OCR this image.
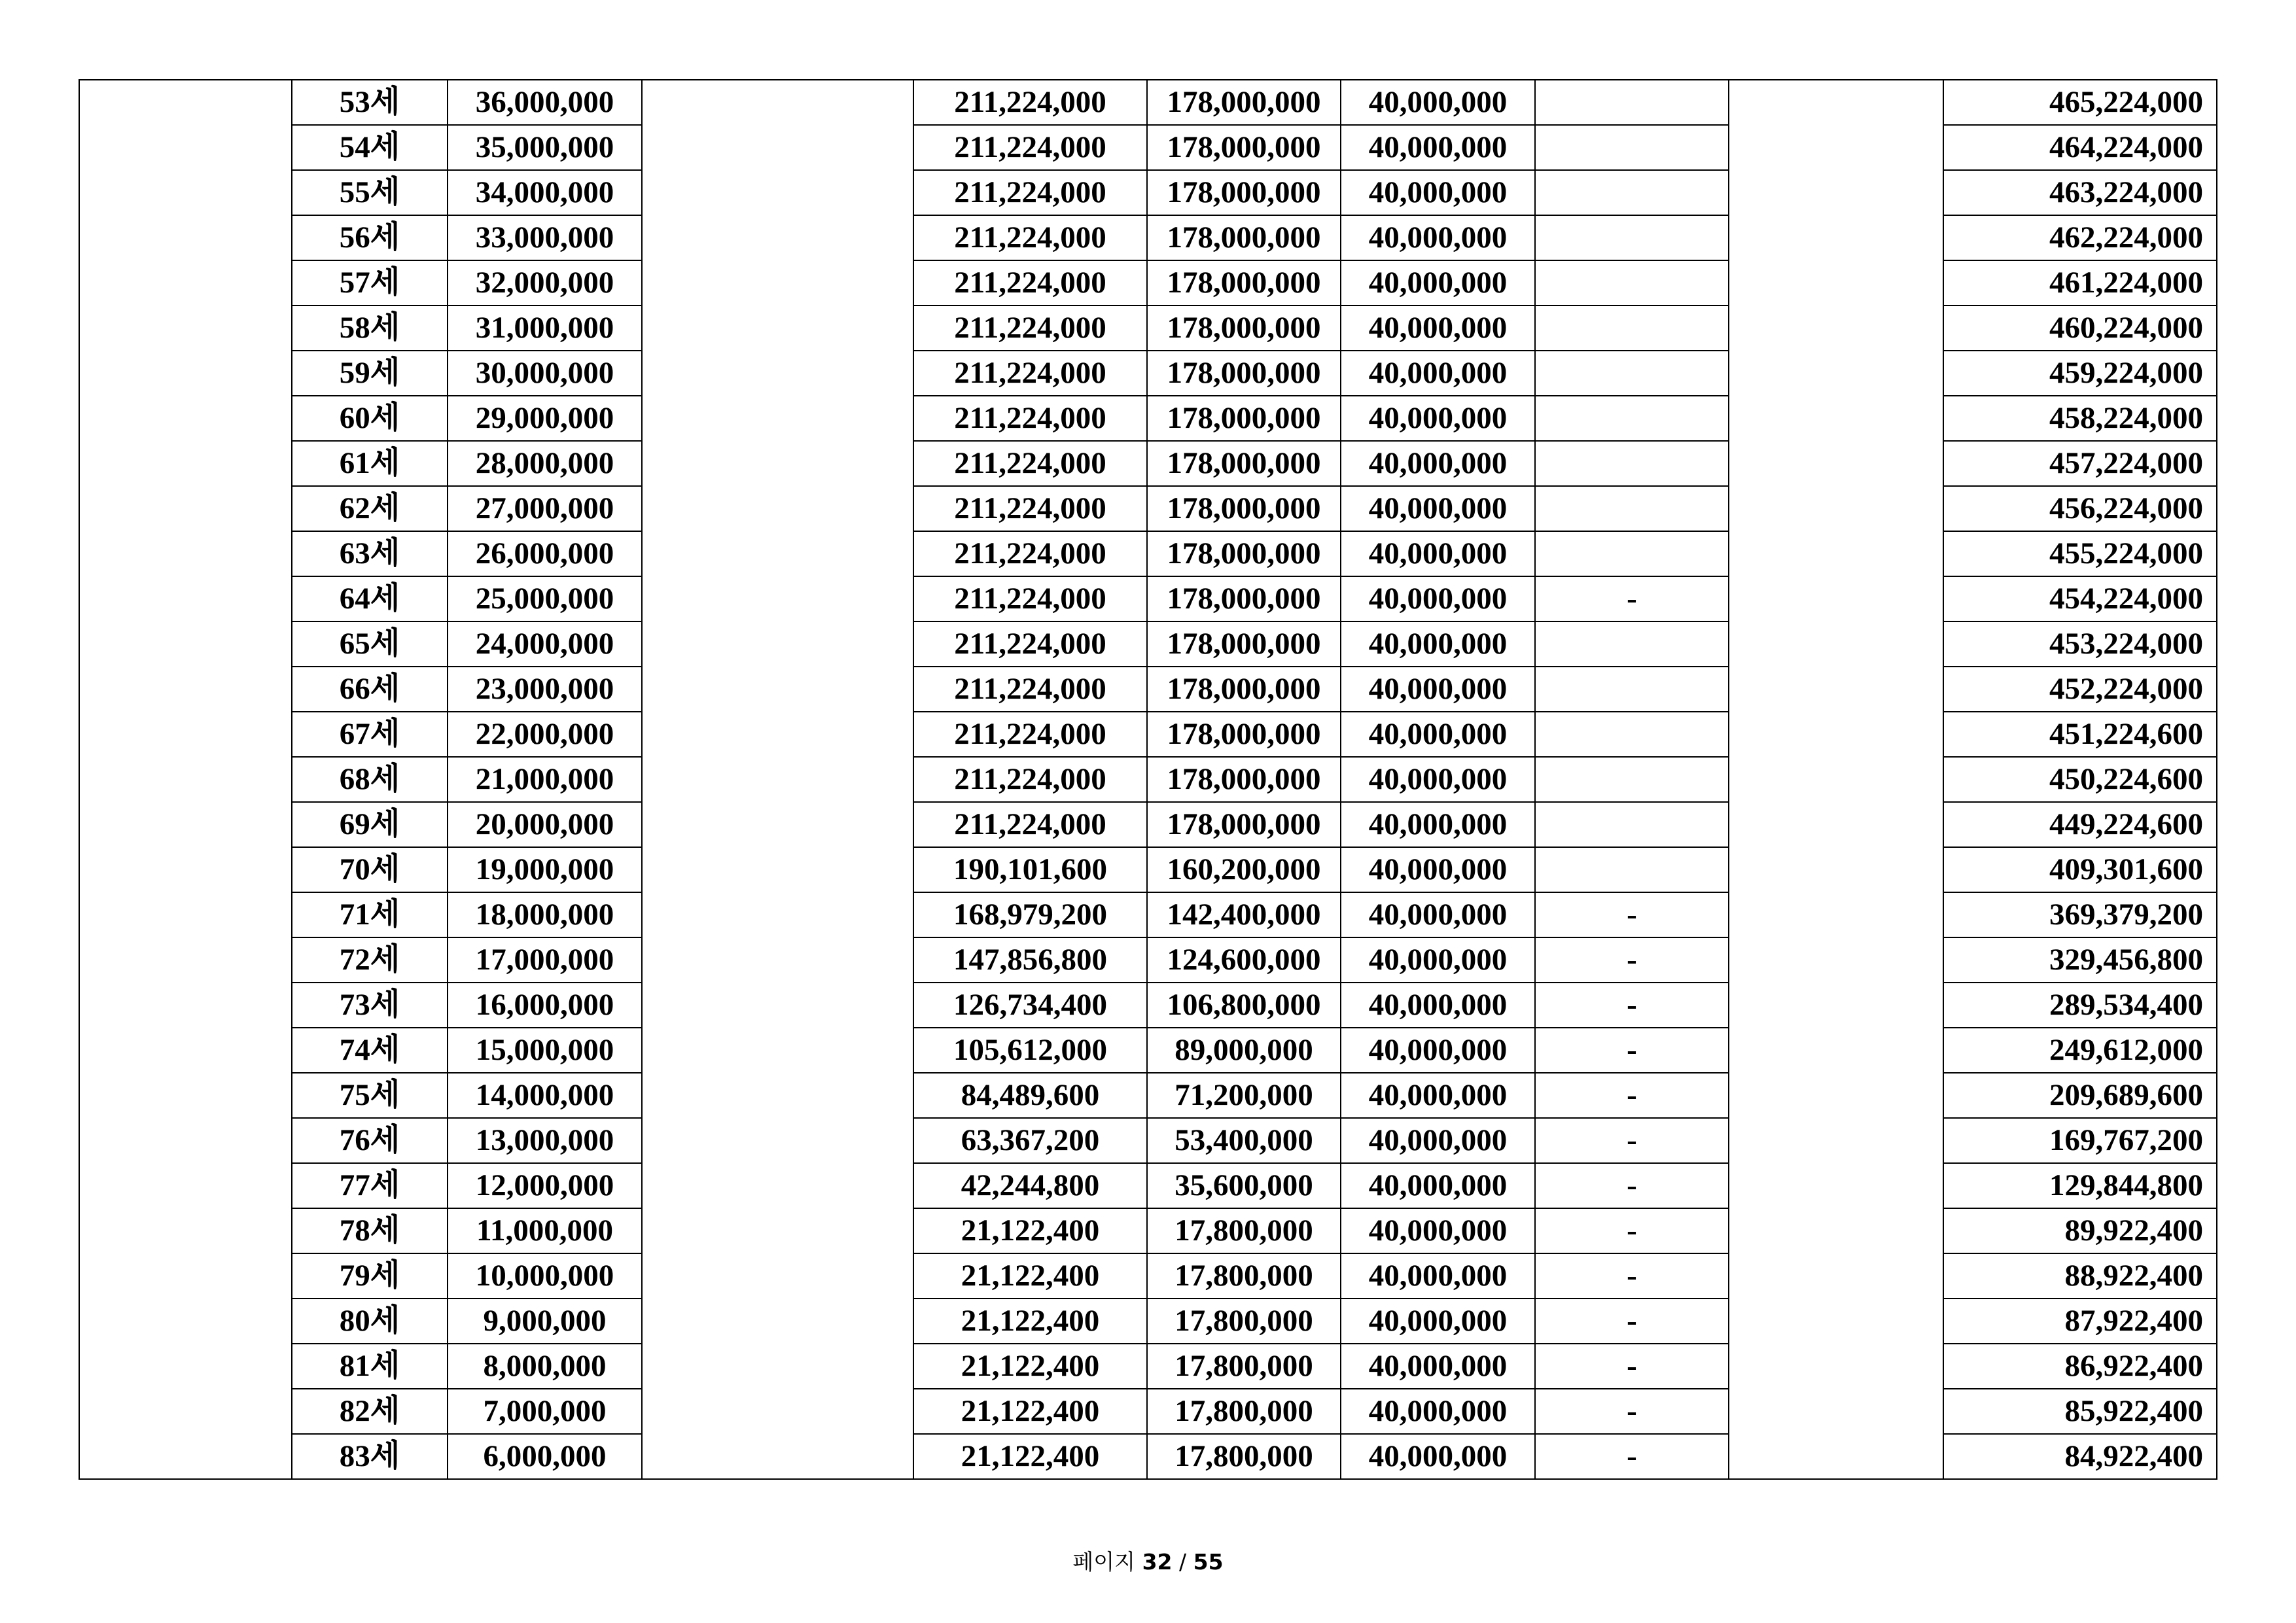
	53세	36,000,000		211,224,000	178,000,000	40,000,000			465,224,000
	54세	35,000,000		211,224,000	178,000,000	40,000,000			464,224,000
	55세	34,000,000		211,224,000	178,000,000	40,000,000			463,224,000
	56세	33,000,000		211,224,000	178,000,000	40,000,000			462,224,000
	57세	32,000,000		211,224,000	178,000,000	40,000,000			461,224,000
	58세	31,000,000		211,224,000	178,000,000	40,000,000			460,224,000
	59세	30,000,000		211,224,000	178,000,000	40,000,000			459,224,000
	60세	29,000,000		211,224,000	178,000,000	40,000,000			458,224,000
	61세	28,000,000		211,224,000	178,000,000	40,000,000			457,224,000
	62세	27,000,000		211,224,000	178,000,000	40,000,000			456,224,000
	63세	26,000,000		211,224,000	178,000,000	40,000,000			455,224,000
	64세	25,000,000		211,224,000	178,000,000	40,000,000	-		454,224,000
	65세	24,000,000		211,224,000	178,000,000	40,000,000			453,224,000
	66세	23,000,000		211,224,000	178,000,000	40,000,000			452,224,000
	67세	22,000,000		211,224,000	178,000,000	40,000,000			451,224,600
	68세	21,000,000		211,224,000	178,000,000	40,000,000			450,224,600
	69세	20,000,000		211,224,000	178,000,000	40,000,000			449,224,600
	70세	19,000,000		190,101,600	160,200,000	40,000,000			409,301,600
	71세	18,000,000		168,979,200	142,400,000	40,000,000	-		369,379,200
	72세	17,000,000		147,856,800	124,600,000	40,000,000	-		329,456,800
	73세	16,000,000		126,734,400	106,800,000	40,000,000	-		289,534,400
	74세	15,000,000		105,612,000	89,000,000	40,000,000	-		249,612,000
	75세	14,000,000		84,489,600	71,200,000	40,000,000	-		209,689,600
	76세	13,000,000		63,367,200	53,400,000	40,000,000	-		169,767,200
	77세	12,000,000		42,244,800	35,600,000	40,000,000	-		129,844,800
	78세	11,000,000		21,122,400	17,800,000	40,000,000	-		89,922,400
	79세	10,000,000		21,122,400	17,800,000	40,000,000	-		88,922,400
	80세	9,000,000		21,122,400	17,800,000	40,000,000	-		87,922,400
	81세	8,000,000		21,122,400	17,800,000	40,000,000	-		86,922,400
	82세	7,000,000		21,122,400	17,800,000	40,000,000	-		85,922,400
	83세	6,000,000		21,122,400	17,800,000	40,000,000	-		84,922,400
페이지 32 / 55
